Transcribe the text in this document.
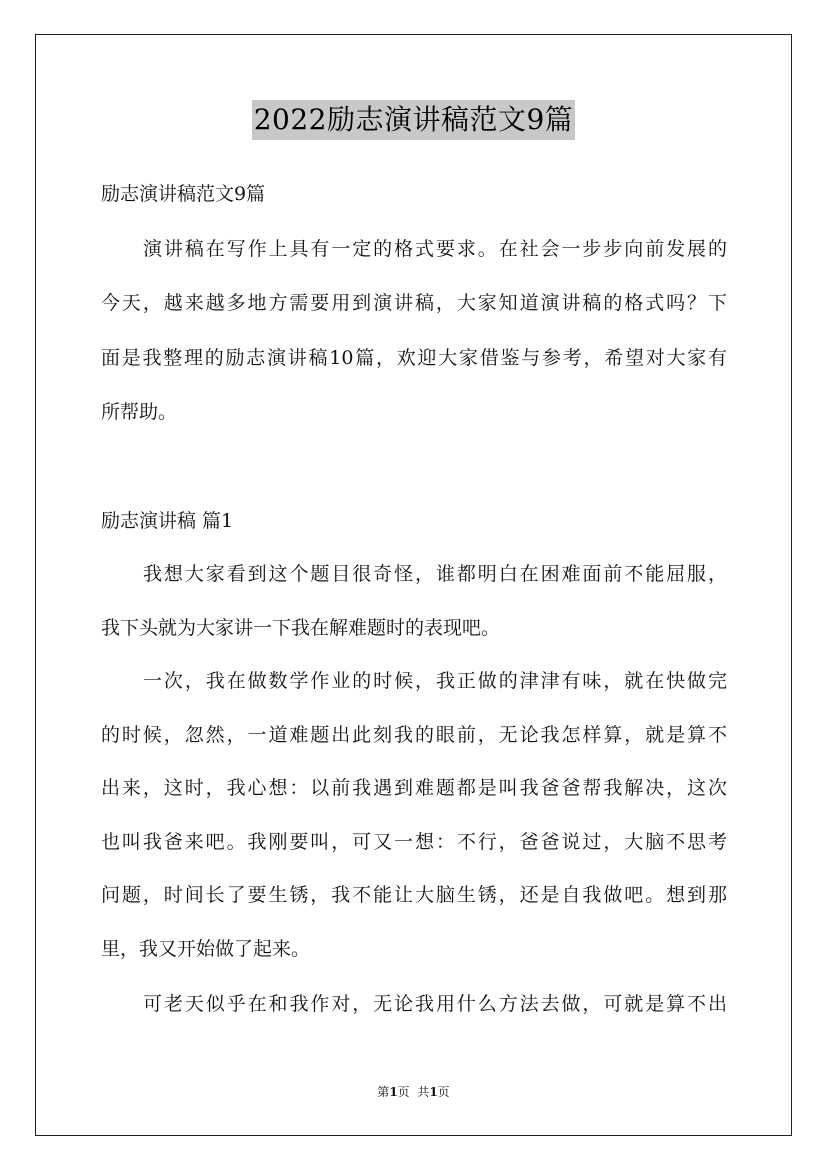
2022励志演讲稿范文9篇
励志演讲稿范文9篇
演讲稿在写作上具有一定的格式要求。在社会一步步向前发展的
今天，越来越多地方需要用到演讲稿，大家知道演讲稿的格式吗？下
面是我整理的励志演讲稿10篇，欢迎大家借鉴与参考，希望对大家有
所帮助。
励志演讲稿 篇1
我想大家看到这个题目很奇怪，谁都明白在困难面前不能屈服，
我下头就为大家讲一下我在解难题时的表现吧。
一次，我在做数学作业的时候，我正做的津津有味，就在快做完
的时候，忽然，一道难题出此刻我的眼前，无论我怎样算，就是算不
出来，这时，我心想：以前我遇到难题都是叫我爸爸帮我解决，这次
也叫我爸来吧。我刚要叫，可又一想：不行，爸爸说过，大脑不思考
问题，时间长了要生锈，我不能让大脑生锈，还是自我做吧。想到那
里，我又开始做了起来。
可老天似乎在和我作对，无论我用什么方法去做，可就是算不出
第1页  共1页
